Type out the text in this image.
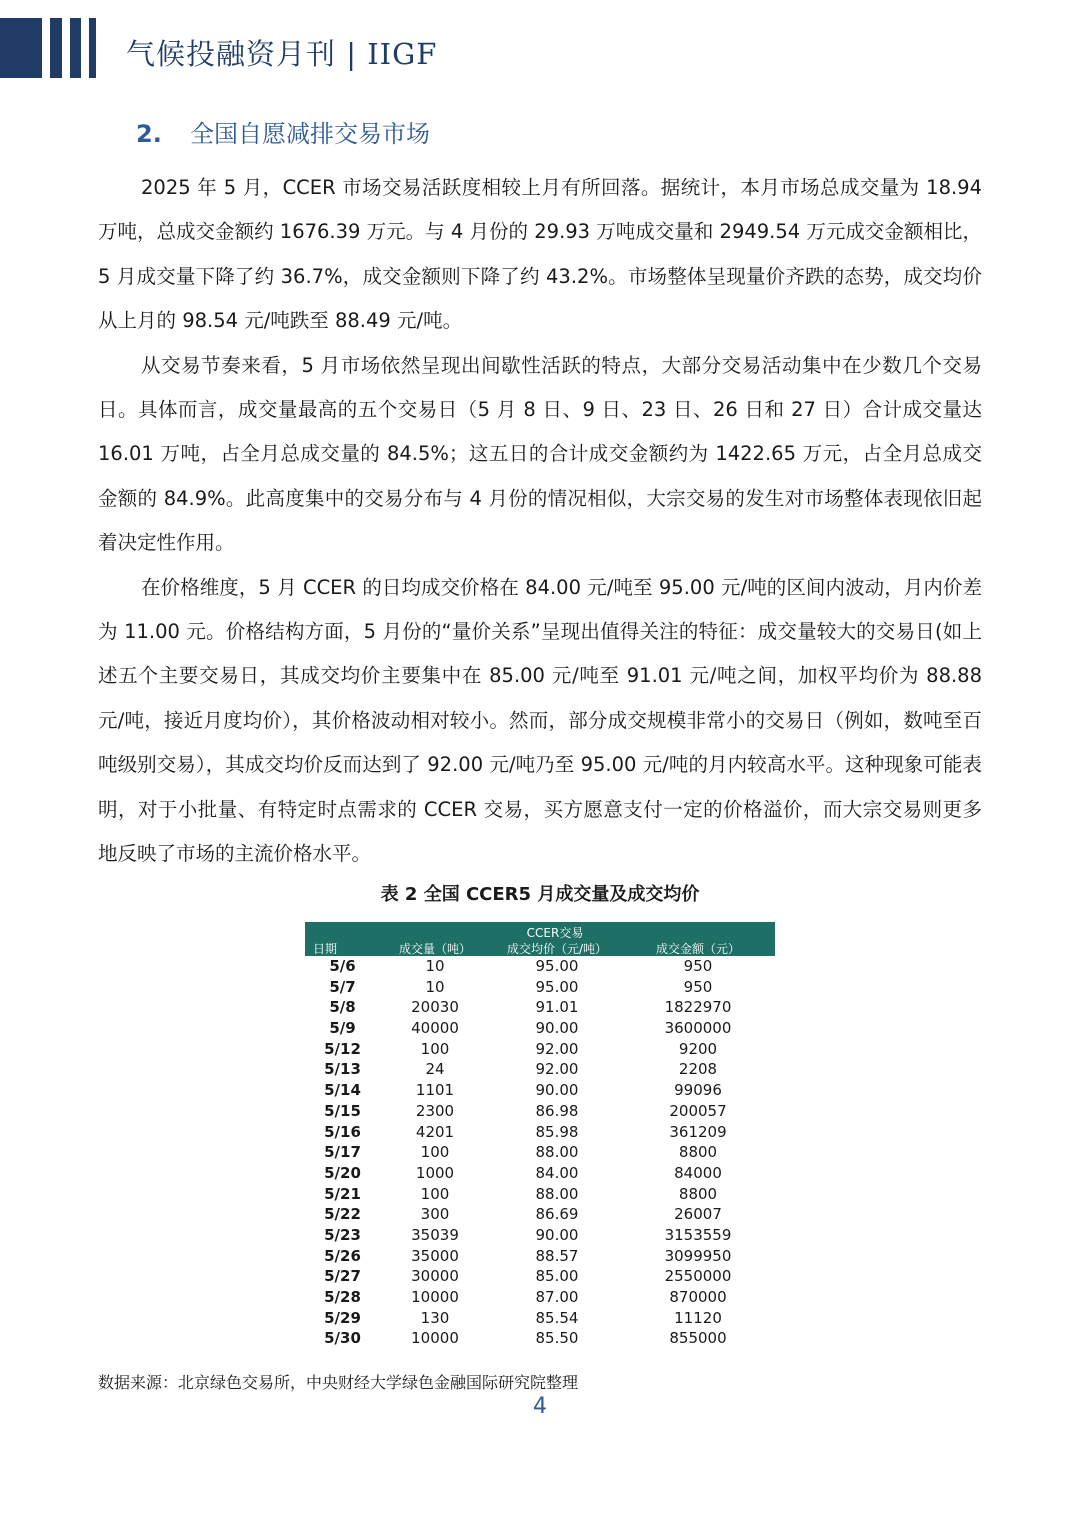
气候投融资月刊 | IIGF
2. 全国自愿减排交易市场

2025 年 5 月，CCER 市场交易活跃度相较上月有所回落。据统计，本月市场总成交量为 18.94 万吨，总成交金额约 1676.39 万元。与 4 月份的 29.93 万吨成交量和 2949.54 万元成交金额相比，5 月成交量下降了约 36.7%，成交金额则下降了约 43.2%。市场整体呈现量价齐跌的态势，成交均价从上月的 98.54 元/吨跌至 88.49 元/吨。

从交易节奏来看，5 月市场依然呈现出间歇性活跃的特点，大部分交易活动集中在少数几个交易日。具体而言，成交量最高的五个交易日（5 月 8 日、9 日、23 日、26 日和 27 日）合计成交量达 16.01 万吨，占全月总成交量的 84.5%；这五日的合计成交金额约为 1422.65 万元，占全月总成交金额的 84.9%。此高度集中的交易分布与 4 月份的情况相似，大宗交易的发生对市场整体表现依旧起着决定性作用。

在价格维度，5 月 CCER 的日均成交价格在 84.00 元/吨至 95.00 元/吨的区间内波动，月内价差为 11.00 元。价格结构方面，5 月份的“量价关系”呈现出值得关注的特征：成交量较大的交易日(如上述五个主要交易日，其成交均价主要集中在 85.00 元/吨至 91.01 元/吨之间，加权平均价为 88.88 元/吨，接近月度均价），其价格波动相对较小。然而，部分成交规模非常小的交易日（例如，数吨至百吨级别交易），其成交均价反而达到了 92.00 元/吨乃至 95.00 元/吨的月内较高水平。这种现象可能表明，对于小批量、有特定时点需求的 CCER 交易，买方愿意支付一定的价格溢价，而大宗交易则更多地反映了市场的主流价格水平。

表 2 全国 CCER5 月成交量及成交均价
CCER交易
日期	成交量（吨）	成交均价（元/吨）	成交金额（元）
5/6	10	95.00	950
5/7	10	95.00	950
5/8	20030	91.01	1822970
5/9	40000	90.00	3600000
5/12	100	92.00	9200
5/13	24	92.00	2208
5/14	1101	90.00	99096
5/15	2300	86.98	200057
5/16	4201	85.98	361209
5/17	100	88.00	8800
5/20	1000	84.00	84000
5/21	100	88.00	8800
5/22	300	86.69	26007
5/23	35039	90.00	3153559
5/26	35000	88.57	3099950
5/27	30000	85.00	2550000
5/28	10000	87.00	870000
5/29	130	85.54	11120
5/30	10000	85.50	855000
数据来源：北京绿色交易所，中央财经大学绿色金融国际研究院整理
4
